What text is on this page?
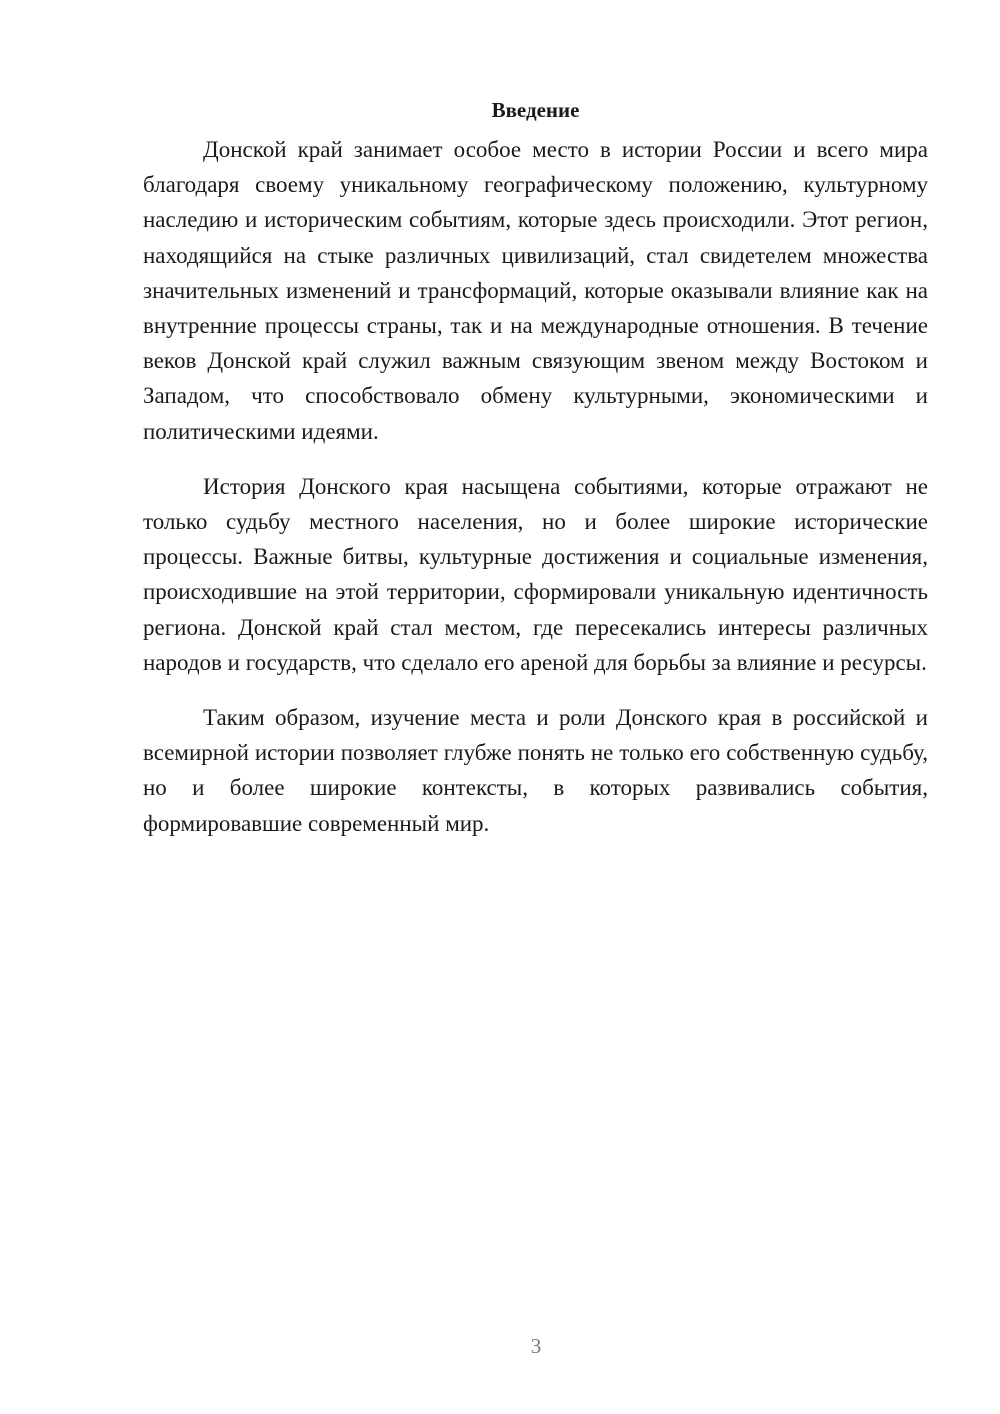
Введение

Донской край занимает особое место в истории России и всего мира благодаря своему уникальному географическому положению, культурному наследию и историческим событиям, которые здесь происходили. Этот регион, находящийся на стыке различных цивилизаций, стал свидетелем множества значительных изменений и трансформаций, которые оказывали влияние как на внутренние процессы страны, так и на международные отношения. В течение веков Донской край служил важным связующим звеном между Востоком и Западом, что способствовало обмену культурными, экономическими и политическими идеями.

История Донского края насыщена событиями, которые отражают не только судьбу местного населения, но и более широкие исторические процессы. Важные битвы, культурные достижения и социальные изменения, происходившие на этой территории, сформировали уникальную идентичность региона. Донской край стал местом, где пересекались интересы различных народов и государств, что сделало его ареной для борьбы за влияние и ресурсы.

Таким образом, изучение места и роли Донского края в российской и всемирной истории позволяет глубже понять не только его собственную судьбу, но и более широкие контексты, в которых развивались события, формировавшие современный мир.

3
